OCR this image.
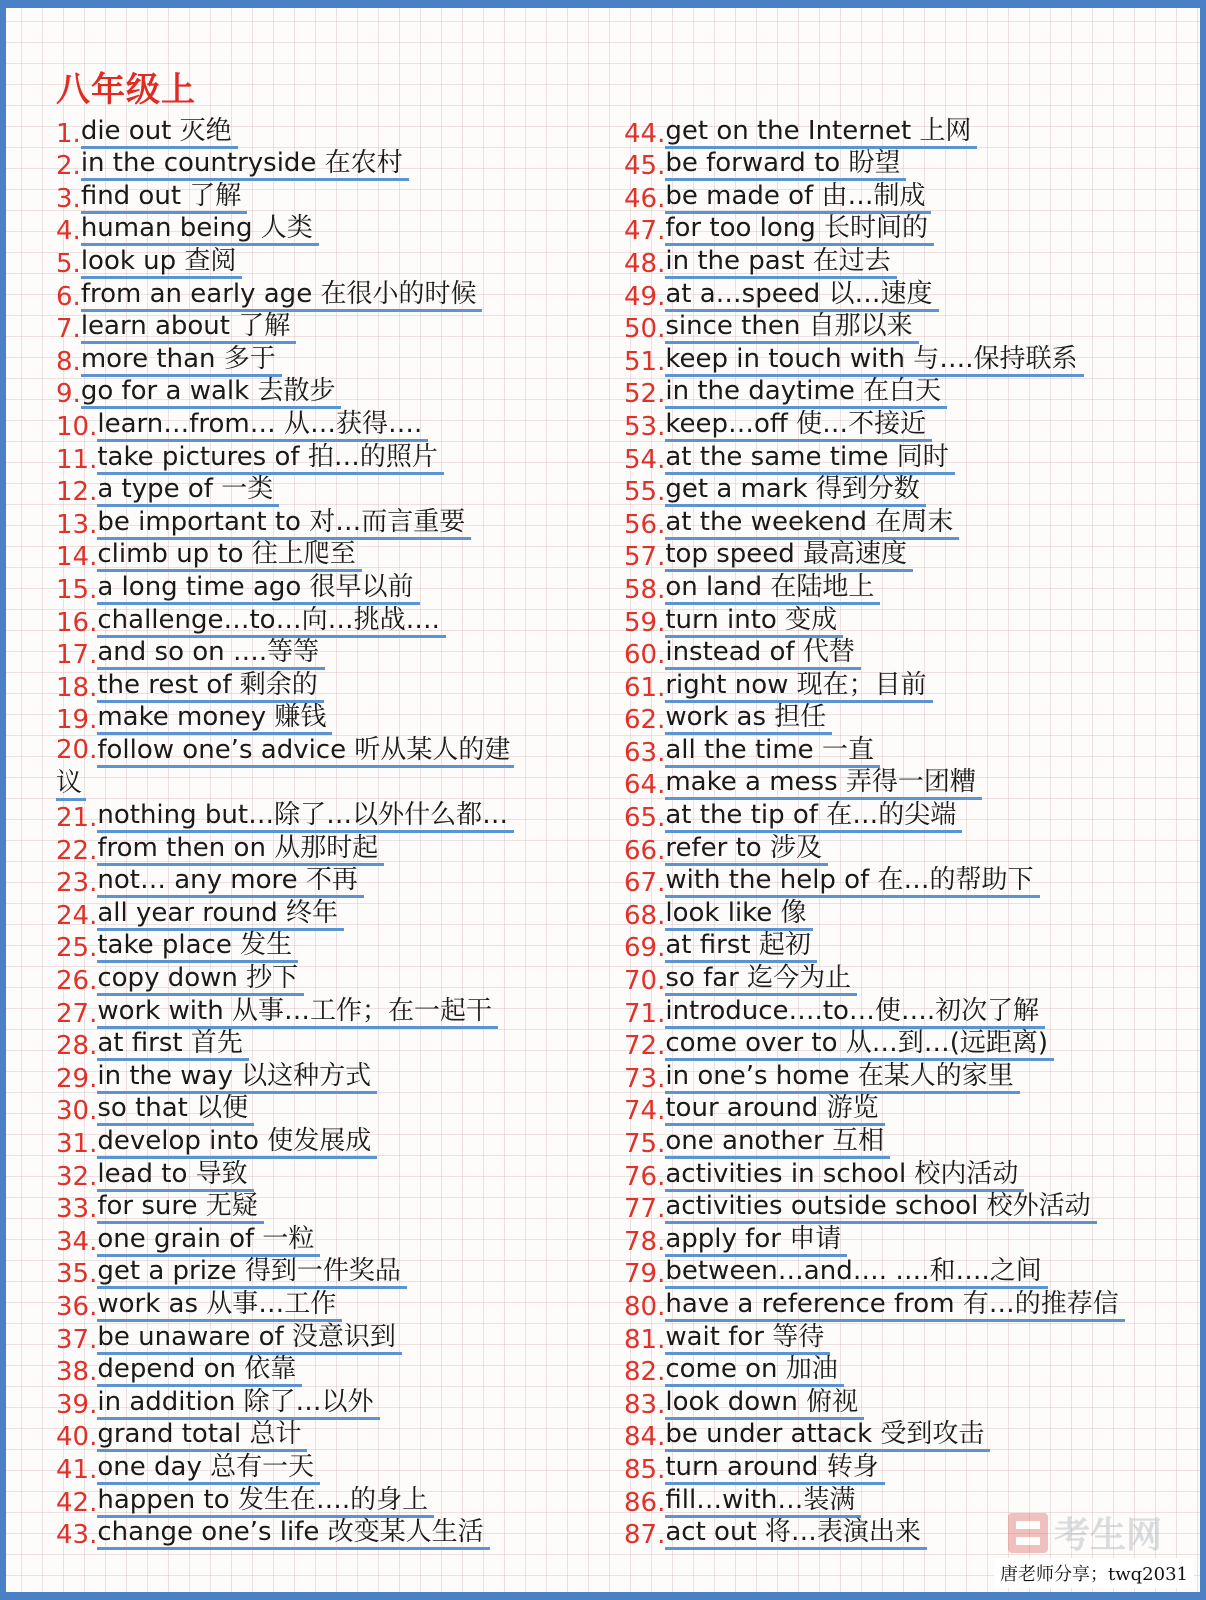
八年级上
1. die out 灭绝
2. in the countryside 在农村
3. find out 了解
4. human being 人类
5. look up 查阅
6. from an early age 在很小的时候
7. learn about 了解
8. more than 多于
9. go for a walk 去散步
10. learn…from… 从…获得….
11. take pictures of 拍…的照片
12. a type of 一类
13. be important to 对…而言重要
14. climb up to 往上爬至
15. a long time ago 很早以前
16. challenge…to…向…挑战….
17. and so on ….等等
18. the rest of 剩余的
19. make money 赚钱
20.follow one’s advice 听从某人的建
议
21. nothing but…除了…以外什么都…
22. from then on 从那时起
23. not… any more 不再
24. all year round 终年
25. take place 发生
26. copy down 抄下
27. work with 从事…工作；在一起干
28. at first 首先
29. in the way 以这种方式
30. so that 以便
31. develop into 使发展成
32. lead to 导致
33. for sure 无疑
34. one grain of 一粒
35. get a prize 得到一件奖品
36. work as 从事…工作
37. be unaware of 没意识到
38. depend on 依靠
39. in addition 除了…以外
40. grand total 总计
41. one day 总有一天
42. happen to 发生在….的身上
43. change one’s life 改变某人生活
44. get on the Internet 上网
45. be forward to 盼望
46. be made of 由…制成
47. for too long 长时间的
48. in the past 在过去
49. at a…speed 以…速度
50. since then 自那以来
51. keep in touch with 与….保持联系
52. in the daytime 在白天
53. keep…off 使…不接近
54. at the same time 同时
55. get a mark 得到分数
56. at the weekend 在周末
57. top speed 最高速度
58. on land 在陆地上
59. turn into 变成
60. instead of 代替
61. right now 现在；目前
62. work as 担任
63. all the time 一直
64. make a mess 弄得一团糟
65. at the tip of 在…的尖端
66. refer to 涉及
67. with the help of 在…的帮助下
68. look like 像
69. at first 起初
70. so far 迄今为止
71. introduce….to…使….初次了解
72. come over to 从…到…(远距离)
73. in one’s home 在某人的家里
74. tour around 游览
75. one another 互相
76. activities in school 校内活动
77. activities outside school 校外活动
78. apply for 申请
79. between…and…. ….和….之间
80. have a reference from 有…的推荐信
81. wait for 等待
82. come on 加油
83. look down 俯视
84. be under attack 受到攻击
85. turn around 转身
86. fill…with…装满
87. act out 将…表演出来	考生网
唐老师分享；twq2031
